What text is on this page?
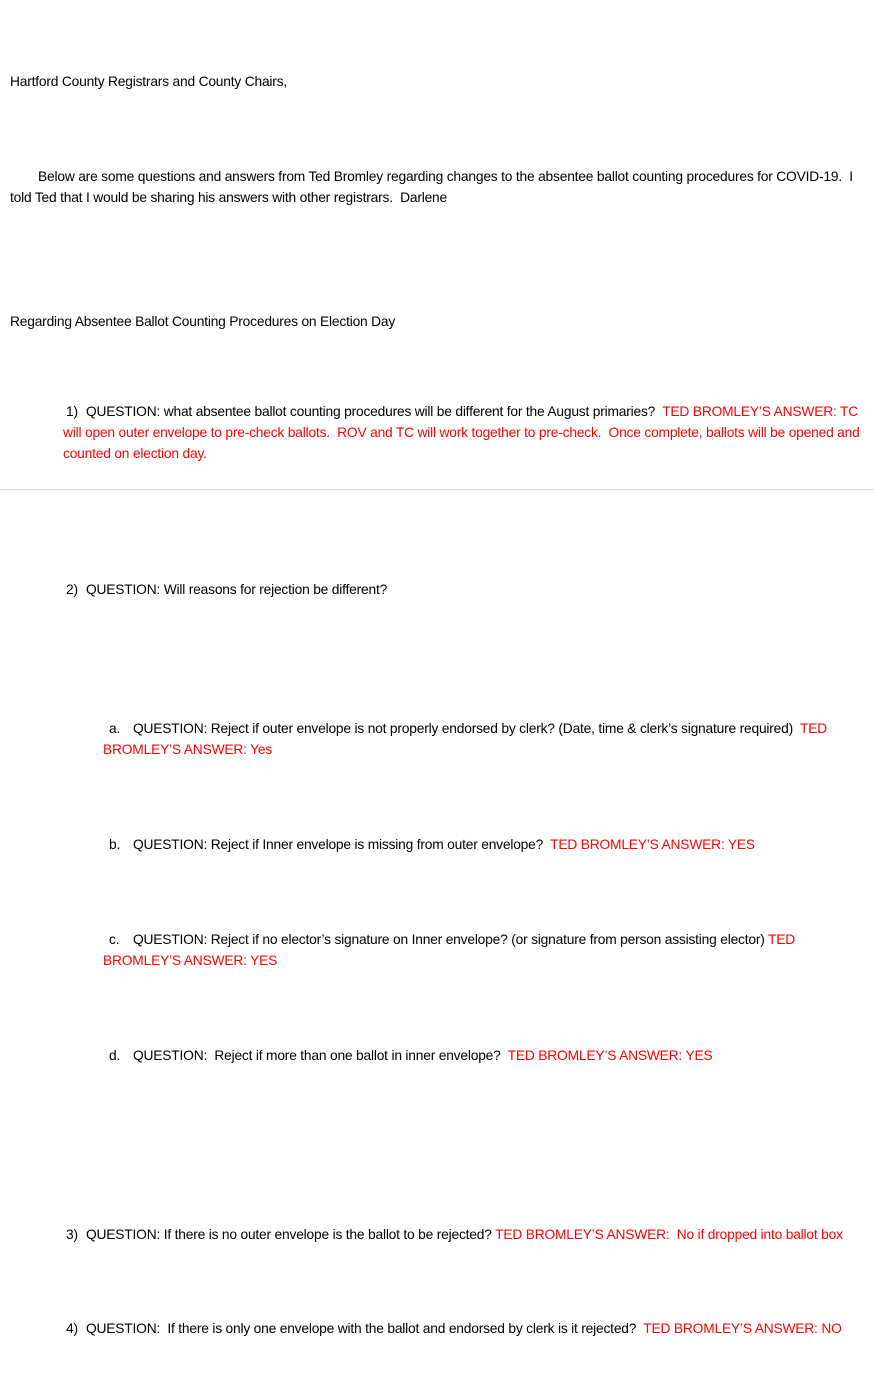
Hartford County Registrars and County Chairs,

Below are some questions and answers from Ted Bromley regarding changes to the absentee ballot counting procedures for COVID-19.  I told Ted that I would be sharing his answers with other registrars.  Darlene

Regarding Absentee Ballot Counting Procedures on Election Day

1) QUESTION: what absentee ballot counting procedures will be different for the August primaries?  TED BROMLEY’S ANSWER: TC will open outer envelope to pre-check ballots.  ROV and TC will work together to pre-check.  Once complete, ballots will be opened and counted on election day.

2) QUESTION: Will reasons for rejection be different?

a. QUESTION: Reject if outer envelope is not properly endorsed by clerk? (Date, time & clerk’s signature required)  TED BROMLEY’S ANSWER: Yes

b. QUESTION: Reject if Inner envelope is missing from outer envelope?  TED BROMLEY’S ANSWER: YES

c. QUESTION: Reject if no elector’s signature on Inner envelope? (or signature from person assisting elector) TED BROMLEY’S ANSWER: YES

d. QUESTION:  Reject if more than one ballot in inner envelope?  TED BROMLEY’S ANSWER: YES

3) QUESTION: If there is no outer envelope is the ballot to be rejected? TED BROMLEY’S ANSWER:  No if dropped into ballot box

4) QUESTION:  If there is only one envelope with the ballot and endorsed by clerk is it rejected?  TED BROMLEY’S ANSWER: NO
